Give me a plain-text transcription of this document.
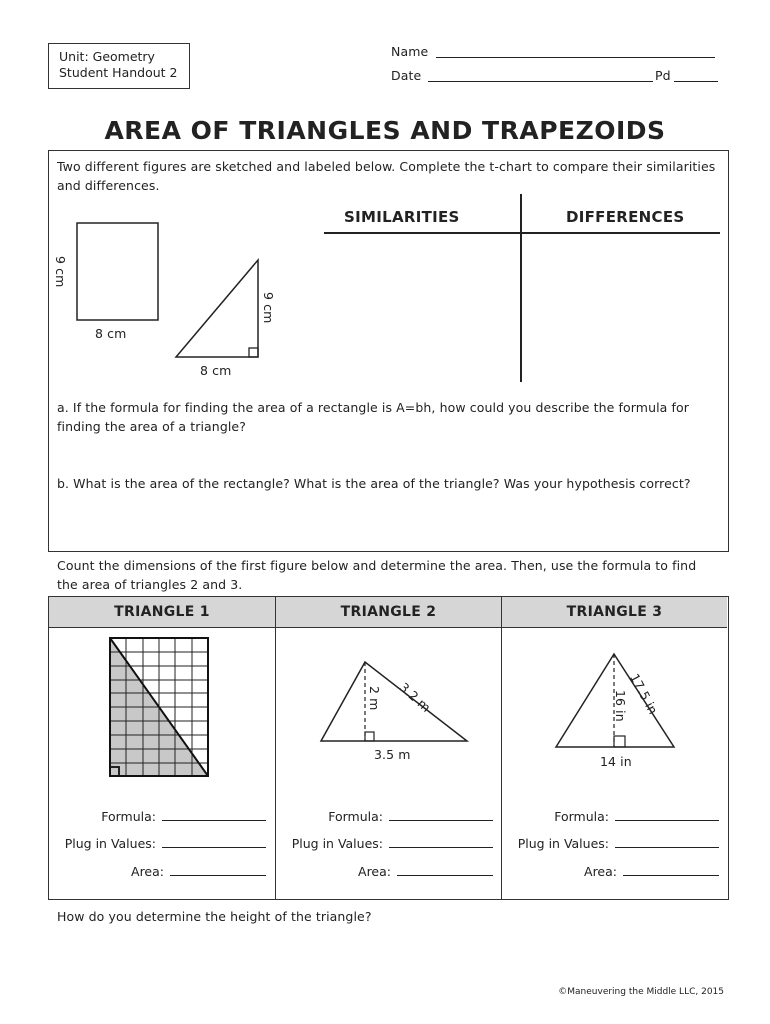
Unit: Geometry
Student Handout 2
Name
Date	Pd
AREA OF TRIANGLES AND TRAPEZOIDS
Two different figures are sketched and labeled below. Complete the t-chart to compare their similarities and differences.
9 cm
8 cm
9 cm
8 cm
SIMILARITIES	DIFFERENCES
a. If the formula for finding the area of a rectangle is A=bh, how could you describe the formula for finding the area of a triangle?
b. What is the area of the rectangle? What is the area of the triangle? Was your hypothesis correct?
Count the dimensions of the first figure below and determine the area. Then, use the formula to find the area of triangles 2 and 3.
TRIANGLE 1	TRIANGLE 2	TRIANGLE 3
2 m 3.2 m
3.5 m
16 in
17.5 in
14 in
Formula:
Plug in Values:
Area:
Formula:
Plug in Values:
Area:
Formula:
Plug in Values:
Area:
How do you determine the height of the triangle?
©Maneuvering the Middle LLC, 2015
